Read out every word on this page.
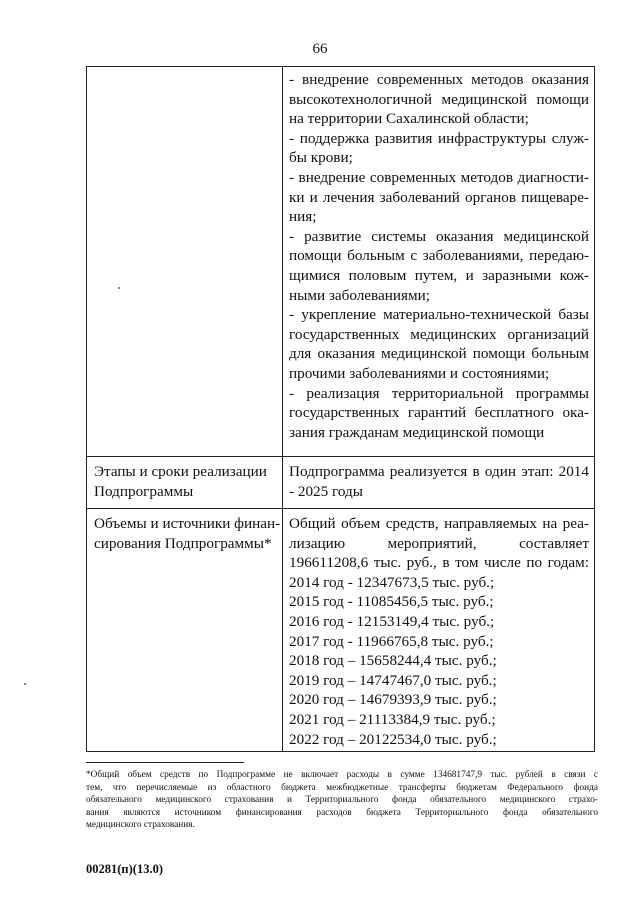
66
- внедрение современных методов оказания
высокотехнологичной медицинской помощи
на территории Сахалинской области;
- поддержка развития инфраструктуры служ-
бы крови;
- внедрение современных методов диагности-
ки и лечения заболеваний органов пищеваре-
ния;
- развитие системы оказания медицинской
помощи больным с заболеваниями, передаю-
щимися половым путем, и заразными кож-
ными заболеваниями;
- укрепление материально-технической базы
государственных медицинских организаций
для оказания медицинской помощи больным
прочими заболеваниями и состояниями;
- реализация территориальной программы
государственных гарантий бесплатного ока-
зания гражданам медицинской помощи
Этапы и сроки реализации
Подпрограммы
Подпрограмма реализуется в один этап: 2014
- 2025 годы
Объемы и источники финан-
сирования Подпрограммы*
Общий объем средств, направляемых на реа-
лизацию мероприятий, составляет
196611208,6 тыс. руб., в том числе по годам:
2014 год - 12347673,5 тыс. руб.;
2015 год - 11085456,5 тыс. руб.;
2016 год - 12153149,4 тыс. руб.;
2017 год - 11966765,8 тыс. руб.;
2018 год – 15658244,4 тыс. руб.;
2019 год – 14747467,0 тыс. руб.;
2020 год – 14679393,9 тыс. руб.;
2021 год – 21113384,9 тыс. руб.;
2022 год – 20122534,0 тыс. руб.;
*Общий объем средств по Подпрограмме не включает расходы в сумме 134681747,9 тыс. рублей в связи с
тем, что перечисляемые из областного бюджета межбюджетные трансферты бюджетам Федерального фонда
обязательного медицинского страхования и Территориального фонда обязательного медицинского страхо-
вания являются источником финансирования расходов бюджета Территориального фонда обязательного
медицинского страхования.
00281(п)(13.0)
